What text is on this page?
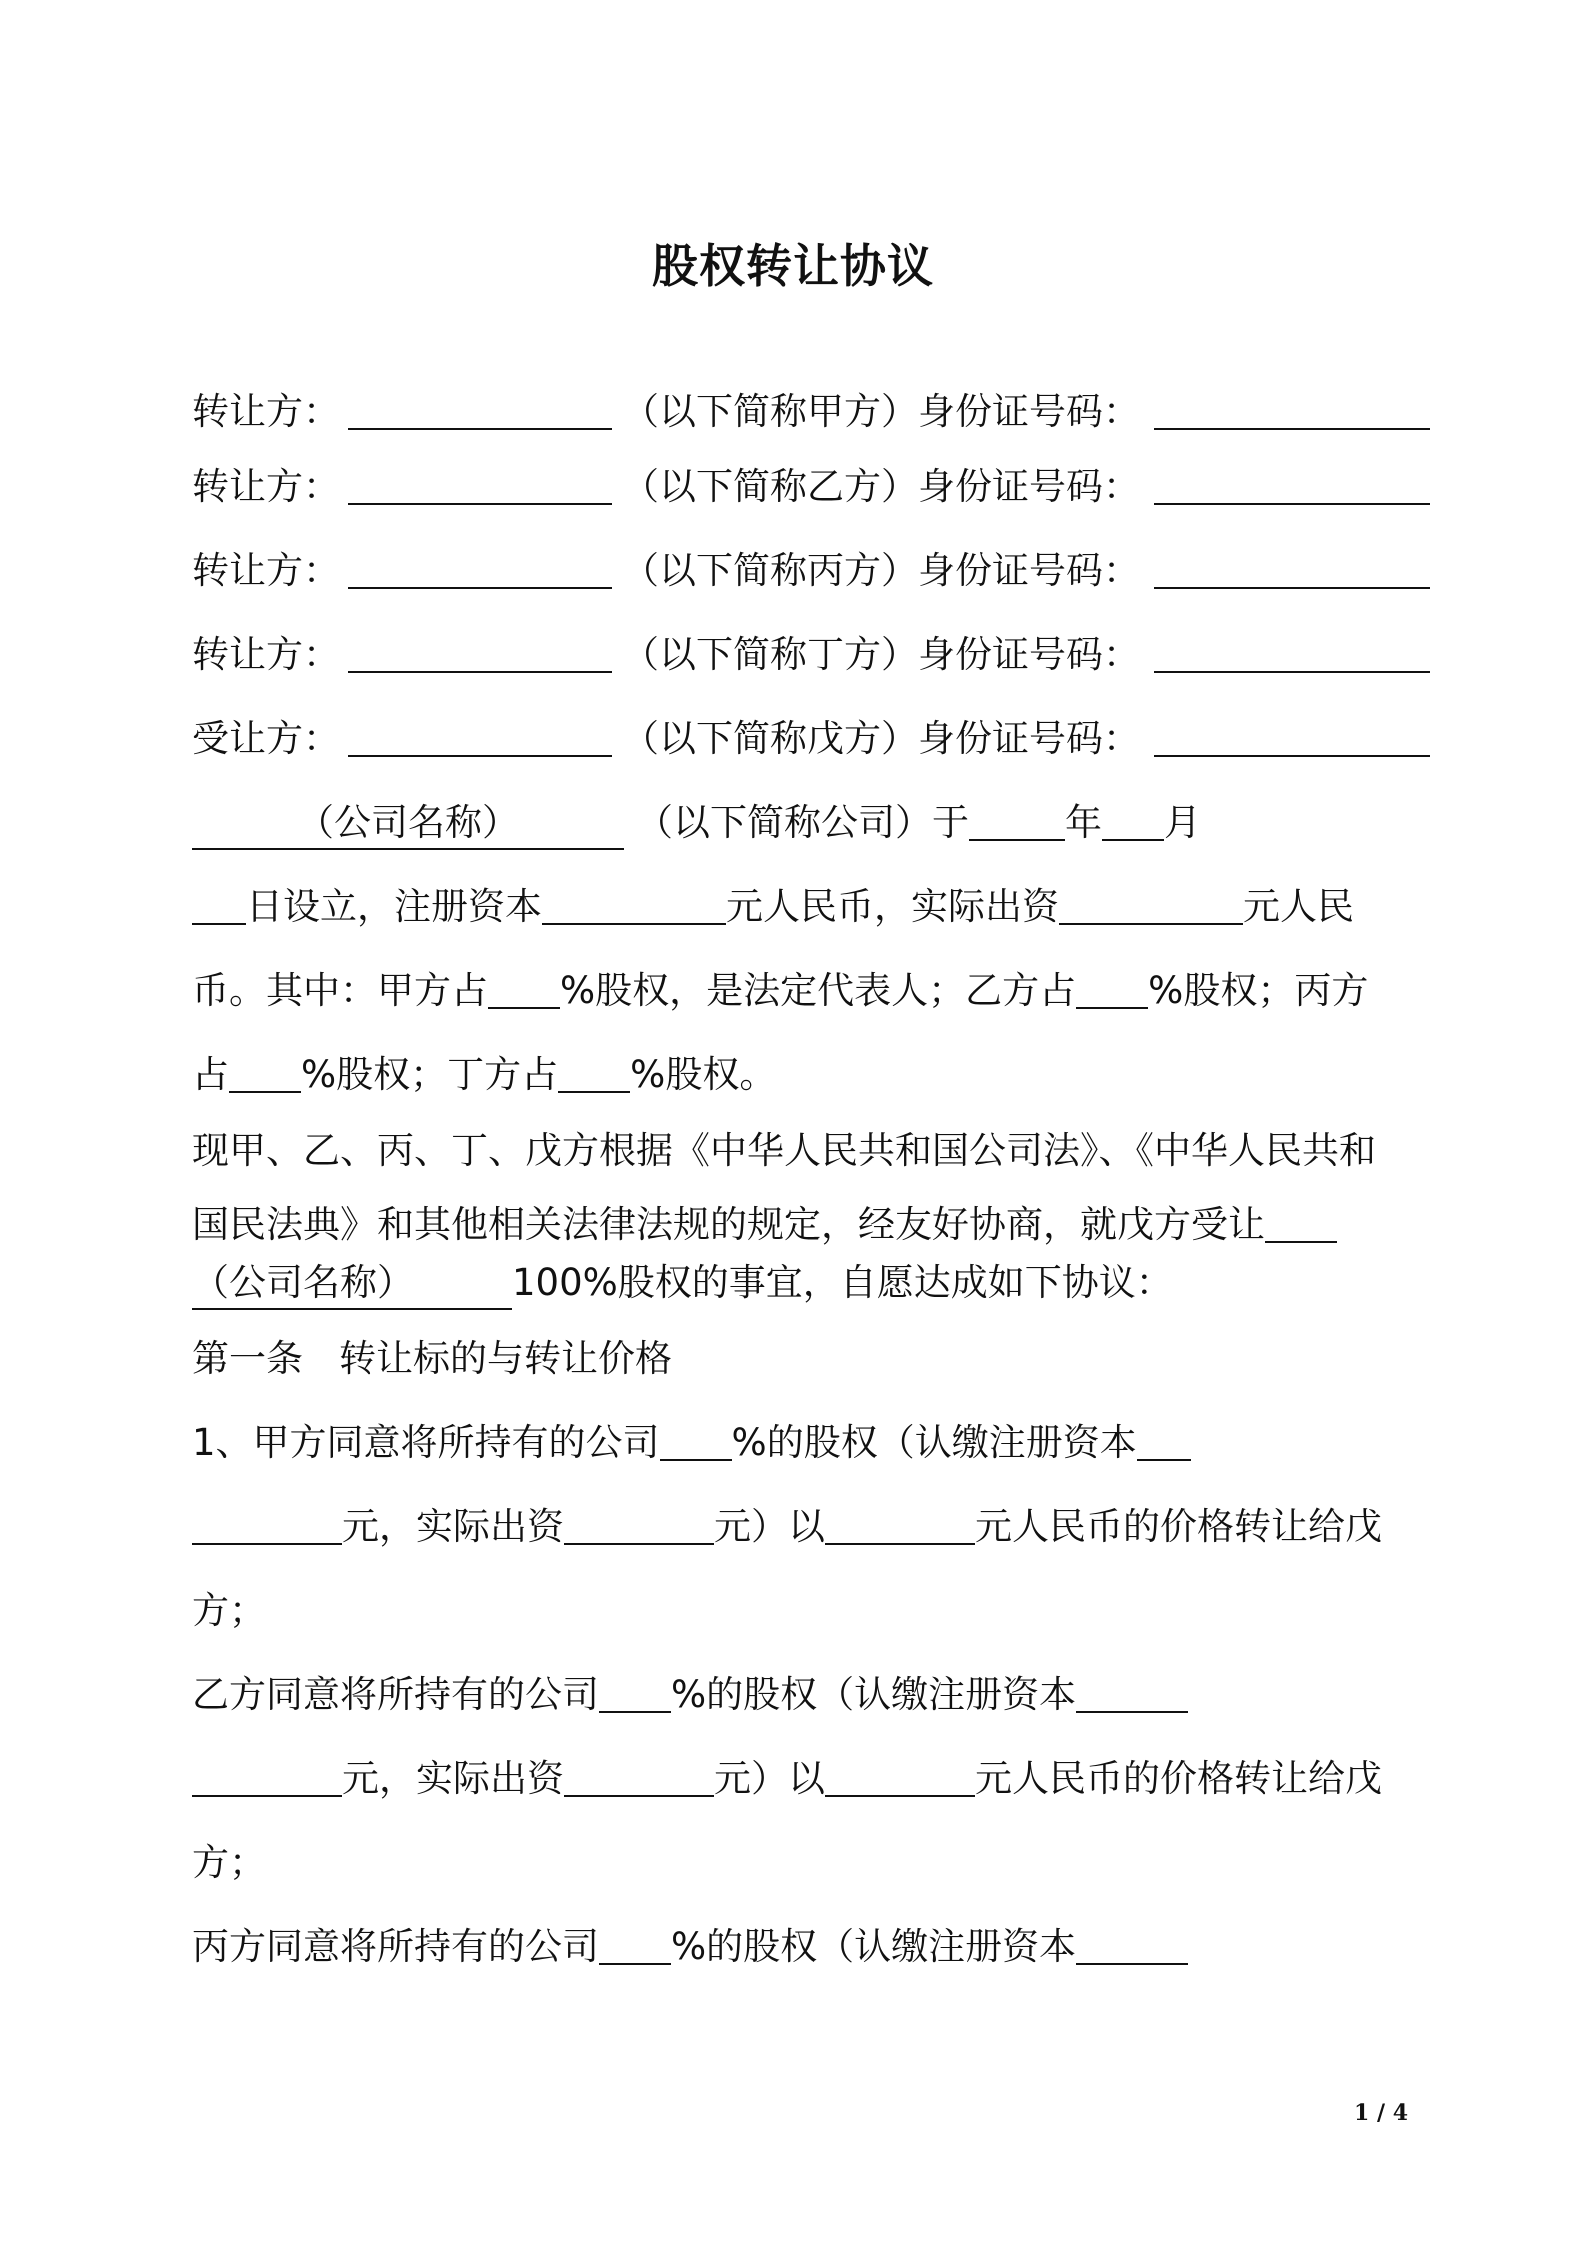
股权转让协议
转让方：	（以下简称甲方）身份证号码：
转让方：	（以下简称乙方）身份证号码：
转让方：	（以下简称丙方）身份证号码：
转让方：	（以下简称丁方）身份证号码：
受让方：	（以下简称戊方）身份证号码：
（公司名称）	（以下简称公司）于	年 月
日设立，注册资本	元人民币，实际出资	元人民
币。其中：甲方占 %股权，是法定代表人；乙方占 %股权；丙方
占 %股权；丁方占 %股权。
现甲、乙、丙、丁、戊方根据《中华人民共和国公司法》、《中华人民共和
国民法典》和其他相关法律法规的规定，经友好协商，就戊方受让
（公司名称）	100%股权的事宜，自愿达成如下协议：
第一条 转让标的与转让价格
1、甲方同意将所持有的公司 %的股权（认缴注册资本
元，实际出资	元）以	元人民币的价格转让给戊
方；
乙方同意将所持有的公司 %的股权（认缴注册资本
元，实际出资	元）以	元人民币的价格转让给戊
方；
丙方同意将所持有的公司 %的股权（认缴注册资本
1 / 4
